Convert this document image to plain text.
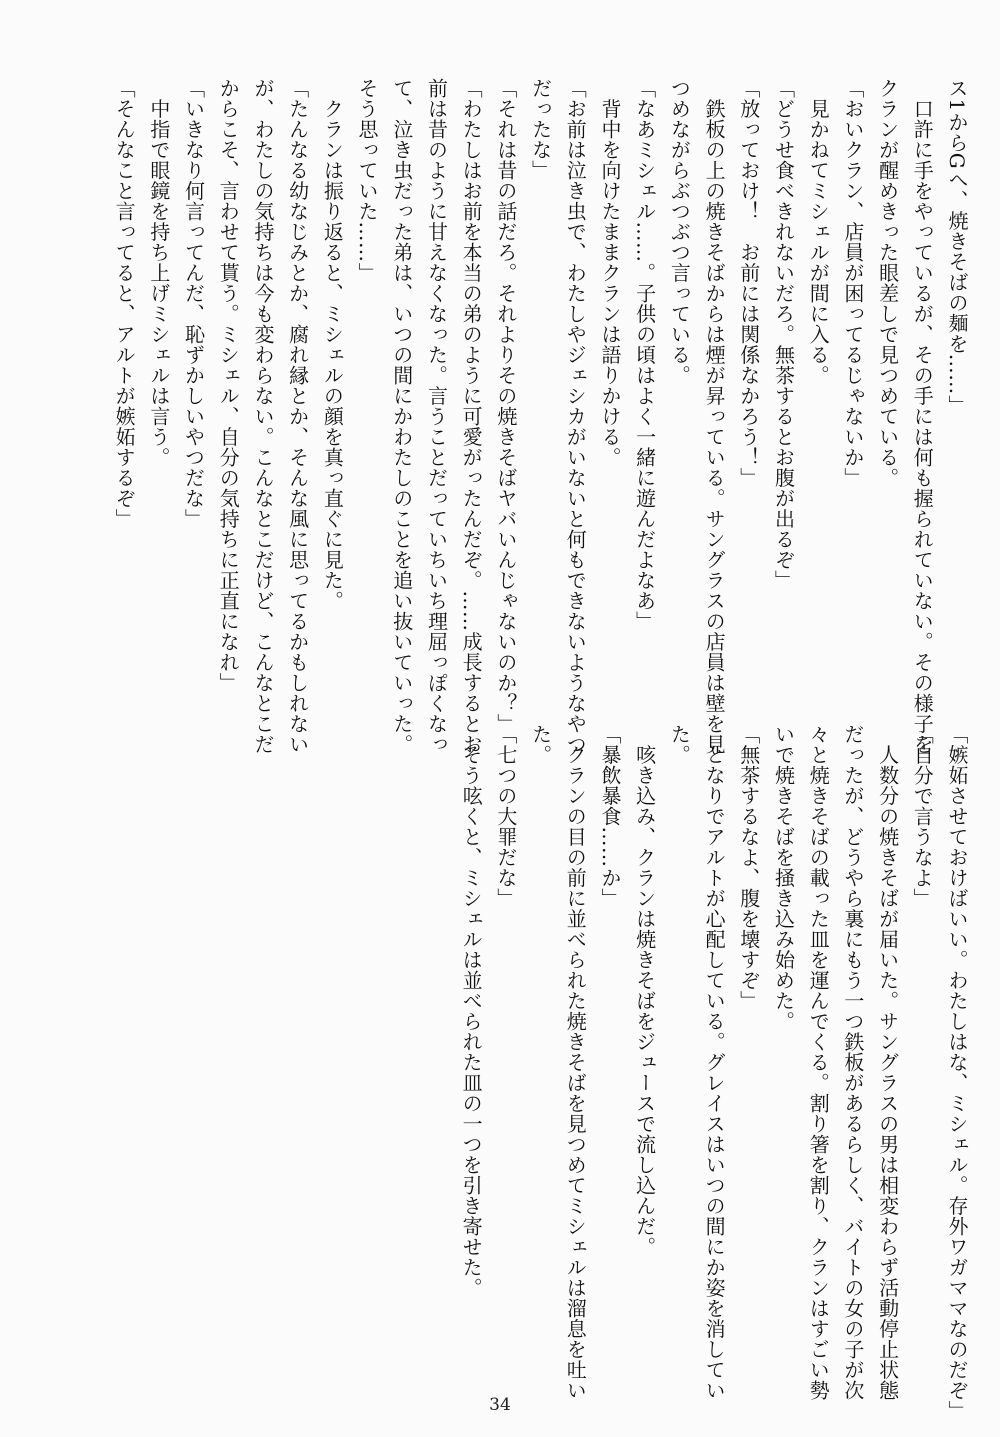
ス1からGへ、焼きそばの麺を……」
　口許に手をやっているが、その手には何も握られていない。その様子を
クランが醒めきった眼差しで見つめている。
「おいクラン、店員が困ってるじゃないか」
　見かねてミシェルが間に入る。
「どうせ食べきれないだろ。無茶するとお腹が出るぞ」
「放っておけ！　お前には関係なかろう！」
　鉄板の上の焼きそばからは煙が昇っている。サングラスの店員は壁を見
つめながらぶつぶつ言っている。
「なあミシェル……。子供の頃はよく一緒に遊んだよなあ」
　背中を向けたままクランは語りかける。
「お前は泣き虫で、わたしやジェシカがいないと何もできないようなやつ
だったな」
「それは昔の話だろ。それよりその焼きそばヤバいんじゃないのか？」
「わたしはお前を本当の弟のように可愛がったんだぞ。……成長するとお
前は昔のように甘えなくなった。言うことだっていちいち理屈っぽくなっ
て、泣き虫だった弟は、いつの間にかわたしのことを追い抜いていった。
そう思っていた……」
　クランは振り返ると、ミシェルの顔を真っ直ぐに見た。
「たんなる幼なじみとか、腐れ縁とか、そんな風に思ってるかもしれない
が、わたしの気持ちは今も変わらない。こんなとこだけど、こんなとこだ
からこそ、言わせて貰う。ミシェル、自分の気持ちに正直になれ」
「いきなり何言ってんだ、恥ずかしいやつだな」
　中指で眼鏡を持ち上げミシェルは言う。
「そんなこと言ってると、アルトが嫉妬するぞ」
「嫉妬させておけばいい。わたしはな、ミシェル。存外ワガママなのだぞ」
「自分で言うなよ」
　人数分の焼きそばが届いた。サングラスの男は相変わらず活動停止状態
だったが、どうやら裏にもう一つ鉄板があるらしく、バイトの女の子が次
々と焼きそばの載った皿を運んでくる。割り箸を割り、クランはすごい勢
いで焼きそばを掻き込み始めた。
「無茶するなよ、腹を壊すぞ」
　となりでアルトが心配している。グレイスはいつの間にか姿を消してい
た。
　咳き込み、クランは焼きそばをジュースで流し込んだ。
「暴飲暴食……か」
　クランの目の前に並べられた焼きそばを見つめてミシェルは溜息を吐い
た。
「七つの大罪だな」
　そう呟くと、ミシェルは並べられた皿の一つを引き寄せた。
34
